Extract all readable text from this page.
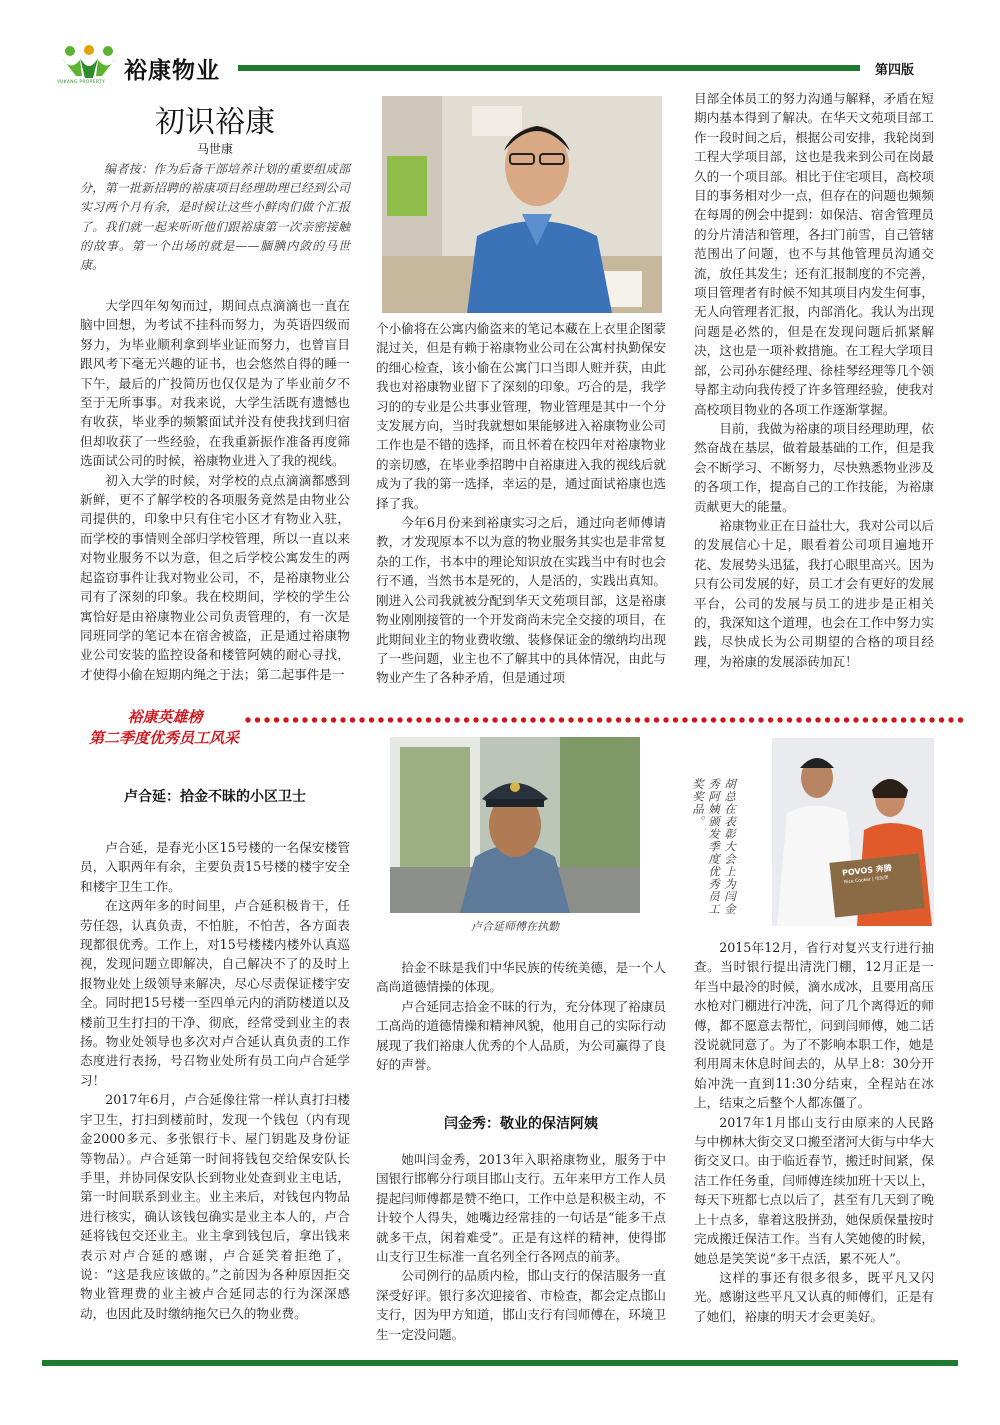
YUKANG PROPERTY 裕康物业	第四版
初识裕康
马世康

编者按：作为后备干部培养计划的重要组成部分，第一批新招聘的裕康项目经理助理已经到公司实习两个月有余，是时候让这些小鲜肉们做个汇报了。我们就一起来听听他们跟裕康第一次亲密接触的故事。第一个出场的就是——腼腆内敛的马世康。

大学四年匆匆而过，期间点点滴滴也一直在脑中回想，为考试不挂科而努力，为英语四级而努力，为毕业顺利拿到毕业证而努力，也曾盲目跟风考下毫无兴趣的证书，也会悠然自得的睡一下午，最后的广投简历也仅仅是为了毕业前夕不至于无所事事。对我来说，大学生活既有遗憾也有收获，毕业季的频繁面试并没有使我找到归宿但却收获了一些经验，在我重新振作准备再度筛选面试公司的时候，裕康物业进入了我的视线。

初入大学的时候，对学校的点点滴滴都感到新鲜，更不了解学校的各项服务竟然是由物业公司提供的，印象中只有住宅小区才有物业入驻，而学校的事情则全部归学校管理，所以一直以来对物业服务不以为意，但之后学校公寓发生的两起盗窃事件让我对物业公司，不，是裕康物业公司有了深刻的印象。我在校期间，学校的学生公寓恰好是由裕康物业公司负责管理的，有一次是同班同学的笔记本在宿舍被盗，正是通过裕康物业公司安装的监控设备和楼管阿姨的耐心寻找，才使得小偷在短期内绳之于法；第二起事件是一

个小偷将在公寓内偷盗来的笔记本藏在上衣里企图蒙混过关，但是有赖于裕康物业公司在公寓村执勤保安的细心检查，该小偷在公寓门口当即人赃并获，由此我也对裕康物业留下了深刻的印象。巧合的是，我学习的的专业是公共事业管理，物业管理是其中一个分支发展方向，当时我就想如果能够进入裕康物业公司工作也是不错的选择，而且怀着在校四年对裕康物业的亲切感，在毕业季招聘中自裕康进入我的视线后就成为了我的第一选择，幸运的是，通过面试裕康也选择了我。

今年6月份来到裕康实习之后，通过向老师傅请教，才发现原本不以为意的物业服务其实也是非常复杂的工作，书本中的理论知识放在实践当中有时也会行不通，当然书本是死的，人是活的，实践出真知。刚进入公司我就被分配到华天文苑项目部，这是裕康物业刚刚接管的一个开发商尚未完全交接的项目，在此期间业主的物业费收缴、装修保证金的缴纳均出现了一些问题，业主也不了解其中的具体情况，由此与物业产生了各种矛盾，但是通过项

目部全体员工的努力沟通与解释，矛盾在短期内基本得到了解决。在华天文苑项目部工作一段时间之后，根据公司安排，我轮岗到工程大学项目部，这也是我来到公司在岗最久的一个项目部。相比于住宅项目，高校项目的事务相对少一点，但存在的问题也频频在每周的例会中提到：如保洁、宿舍管理员的分片清洁和管理，各扫门前雪，自己管辖范围出了问题，也不与其他管理员沟通交流，放任其发生；还有汇报制度的不完善，项目管理者有时候不知其项目内发生何事，无人向管理者汇报，内部消化。我认为出现问题是必然的，但是在发现问题后抓紧解决，这也是一项补救措施。在工程大学项目部，公司孙东健经理、徐桂琴经理等几个领导都主动向我传授了许多管理经验，使我对高校项目物业的各项工作逐渐掌握。

目前，我做为裕康的项目经理助理，依然奋战在基层，做着最基础的工作，但是我会不断学习、不断努力，尽快熟悉物业涉及的各项工作，提高自己的工作技能，为裕康贡献更大的能量。

裕康物业正在日益壮大，我对公司以后的发展信心十足，眼看着公司项目遍地开花、发展势头迅猛，我打心眼里高兴。因为只有公司发展的好，员工才会有更好的发展平台，公司的发展与员工的进步是正相关的，我深知这个道理，也会在工作中努力实践，尽快成长为公司期望的合格的项目经理，为裕康的发展添砖加瓦！

裕康英雄榜
第二季度优秀员工风采
卢合延：拾金不昧的小区卫士

卢合延，是春光小区15号楼的一名保安楼管员，入职两年有余，主要负责15号楼的楼宇安全和楼宇卫生工作。

在这两年多的时间里，卢合延积极肯干，任劳任怨，认真负责，不怕脏，不怕苦，各方面表现都很优秀。工作上，对15号楼楼内楼外认真巡视，发现问题立即解决，自己解决不了的及时上报物业处上级领导来解决，尽心尽责保证楼宇安全。同时把15号楼一至四单元内的消防楼道以及楼前卫生打扫的干净、彻底，经常受到业主的表扬。物业处领导也多次对卢合延认真负责的工作态度进行表扬，号召物业处所有员工向卢合延学习！

2017年6月，卢合延像往常一样认真打扫楼宇卫生，打扫到楼前时，发现一个钱包（内有现金2000多元、多张银行卡、屋门钥匙及身份证等物品）。卢合延第一时间将钱包交给保安队长手里，并协同保安队长到物业处查到业主电话，第一时间联系到业主。业主来后，对钱包内物品进行核实，确认该钱包确实是业主本人的，卢合延将钱包交还业主。业主拿到钱包后，拿出钱来表示对卢合延的感谢，卢合延笑着拒绝了，说：“这是我应该做的。”之前因为各种原因拒交物业管理费的业主被卢合延同志的行为深深感动，也因此及时缴纳拖欠已久的物业费。

卢合延师傅在执勤

拾金不昧是我们中华民族的传统美德，是一个人高尚道德情操的体现。

卢合延同志拾金不昧的行为，充分体现了裕康员工高尚的道德情操和精神风貌，他用自己的实际行动展现了我们裕康人优秀的个人品质，为公司赢得了良好的声誉。

闫金秀：敬业的保洁阿姨

她叫闫金秀，2013年入职裕康物业，服务于中国银行邯郸分行项目邯山支行。五年来甲方工作人员提起闫师傅都是赞不绝口，工作中总是积极主动，不计较个人得失，她嘴边经常挂的一句话是“能多干点就多干点，闲着难受”。正是有这样的精神，使得邯山支行卫生标准一直名列全行各网点的前茅。

公司例行的品质内检，邯山支行的保洁服务一直深受好评。银行多次迎接省、市检查，都会定点邯山支行，因为甲方知道，邯山支行有闫师傅在，环境卫生一定没问题。

胡总在表彰大会上为闫金秀阿姨颁发季度优秀员工奖奖品。
POVOS 奔腾
Rice Cooker | 电饭煲

2015年12月，省行对复兴支行进行抽查。当时银行提出清洗门棚，12月正是一年当中最冷的时候，滴水成冰，且要用高压水枪对门棚进行冲洗，问了几个离得近的师傅，都不愿意去帮忙，问到闫师傅，她二话没说就同意了。为了不影响本职工作，她是利用周末休息时间去的，从早上8：30分开始冲洗一直到11:30分结束，全程站在冰上，结束之后整个人都冻僵了。

2017年1月邯山支行由原来的人民路与中栁林大街交叉口搬至渚河大街与中华大街交叉口。由于临近春节，搬迁时间紧，保洁工作任务重，闫师傅连续加班十天以上，每天下班都七点以后了，甚至有几天到了晚上十点多，靠着这股拼劲，她保质保量按时完成搬迁保洁工作。当有人笑她傻的时候，她总是笑笑说“多干点活，累不死人”。

这样的事还有很多很多，既平凡又闪光。感谢这些平凡又认真的师傅们，正是有了她们，裕康的明天才会更美好。
